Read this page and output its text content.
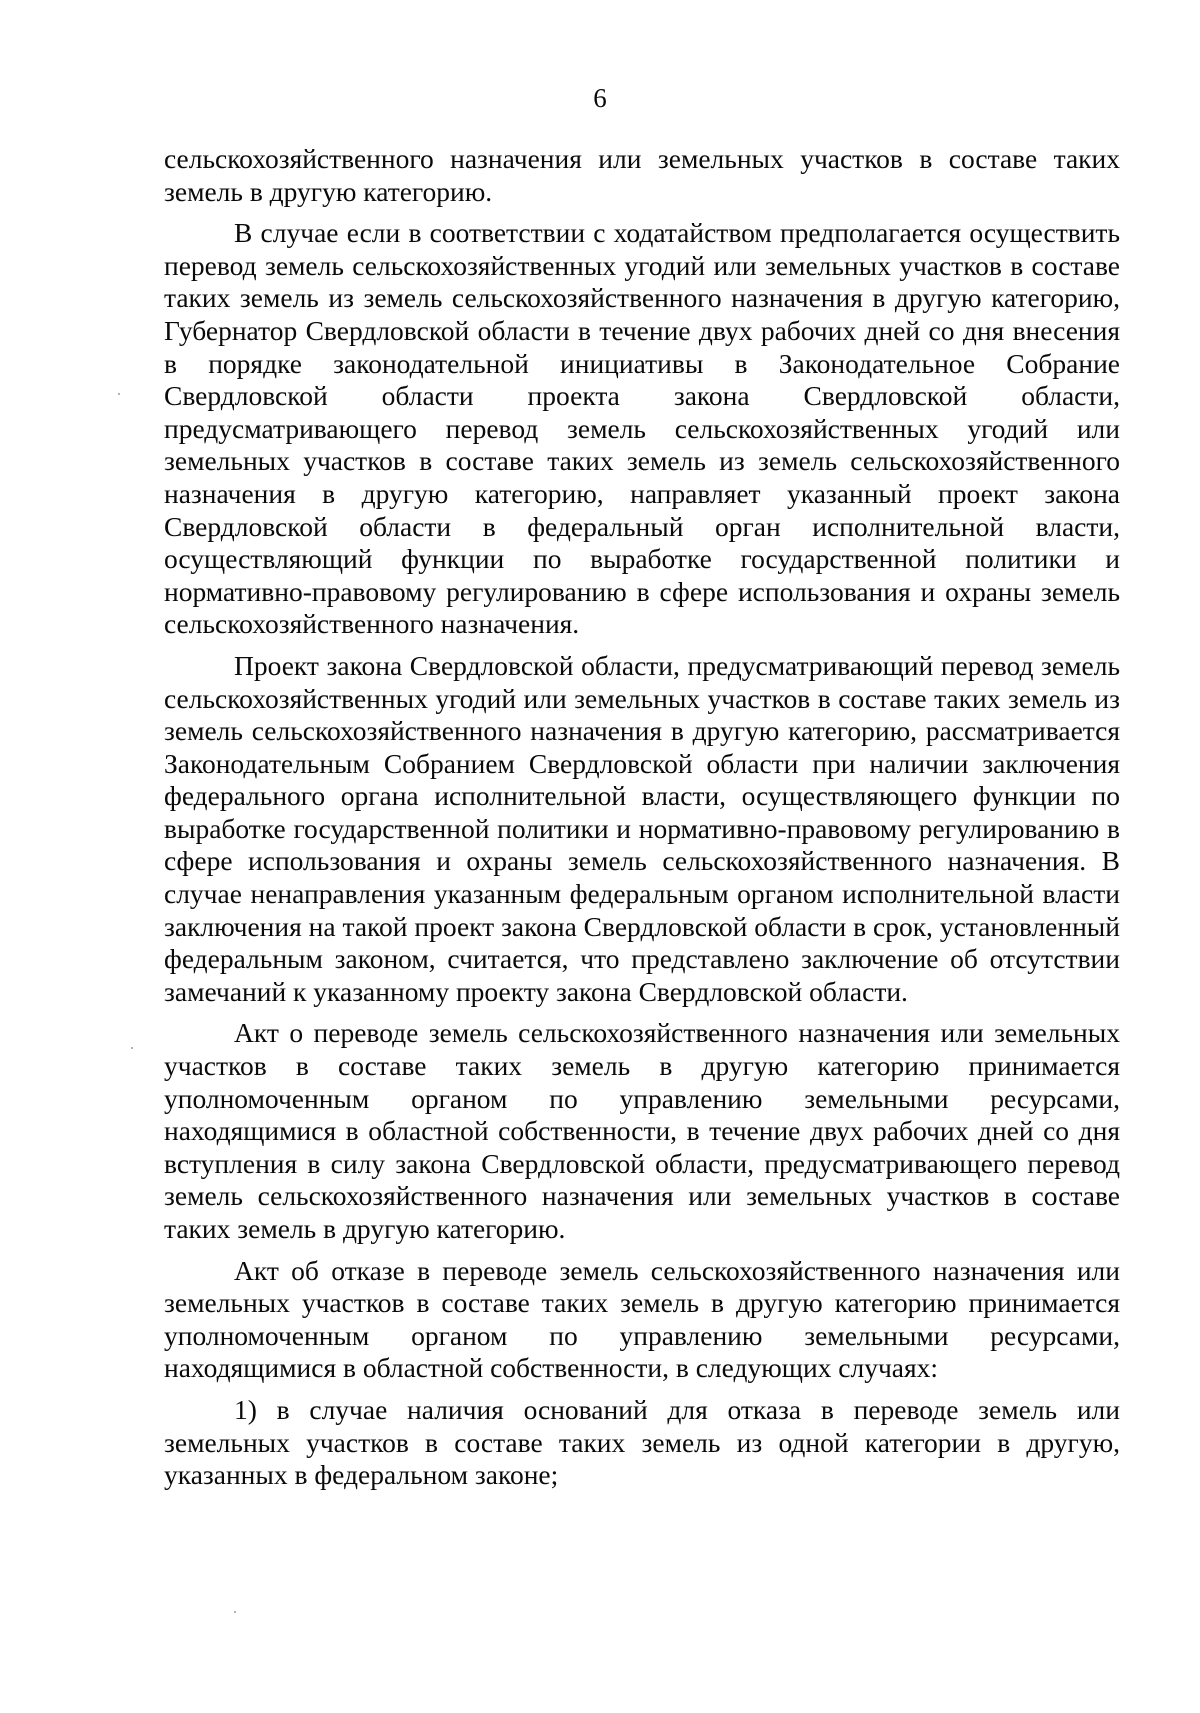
6

сельскохозяйственного назначения или земельных участков в составе таких земель в другую категорию.

В случае если в соответствии с ходатайством предполагается осуществить перевод земель сельскохозяйственных угодий или земельных участков в составе таких земель из земель сельскохозяйственного назначения в другую категорию, Губернатор Свердловской области в течение двух рабочих дней со дня внесения в порядке законодательной инициативы в Законодательное Собрание Свердловской области проекта закона Свердловской области, предусматривающего перевод земель сельскохозяйственных угодий или земельных участков в составе таких земель из земель сельскохозяйственного назначения в другую категорию, направляет указанный проект закона Свердловской области в федеральный орган исполнительной власти, осуществляющий функции по выработке государственной политики и нормативно-правовому регулированию в сфере использования и охраны земель сельскохозяйственного назначения.

Проект закона Свердловской области, предусматривающий перевод земель сельскохозяйственных угодий или земельных участков в составе таких земель из земель сельскохозяйственного назначения в другую категорию, рассматривается Законодательным Собранием Свердловской области при наличии заключения федерального органа исполнительной власти, осуществляющего функции по выработке государственной политики и нормативно-правовому регулированию в сфере использования и охраны земель сельскохозяйственного назначения. В случае ненаправления указанным федеральным органом исполнительной власти заключения на такой проект закона Свердловской области в срок, установленный федеральным законом, считается, что представлено заключение об отсутствии замечаний к указанному проекту закона Свердловской области.

Акт о переводе земель сельскохозяйственного назначения или земельных участков в составе таких земель в другую категорию принимается уполномоченным органом по управлению земельными ресурсами, находящимися в областной собственности, в течение двух рабочих дней со дня вступления в силу закона Свердловской области, предусматривающего перевод земель сельскохозяйственного назначения или земельных участков в составе таких земель в другую категорию.

Акт об отказе в переводе земель сельскохозяйственного назначения или земельных участков в составе таких земель в другую категорию принимается уполномоченным органом по управлению земельными ресурсами, находящимися в областной собственности, в следующих случаях:

1) в случае наличия оснований для отказа в переводе земель или земельных участков в составе таких земель из одной категории в другую, указанных в федеральном законе;
